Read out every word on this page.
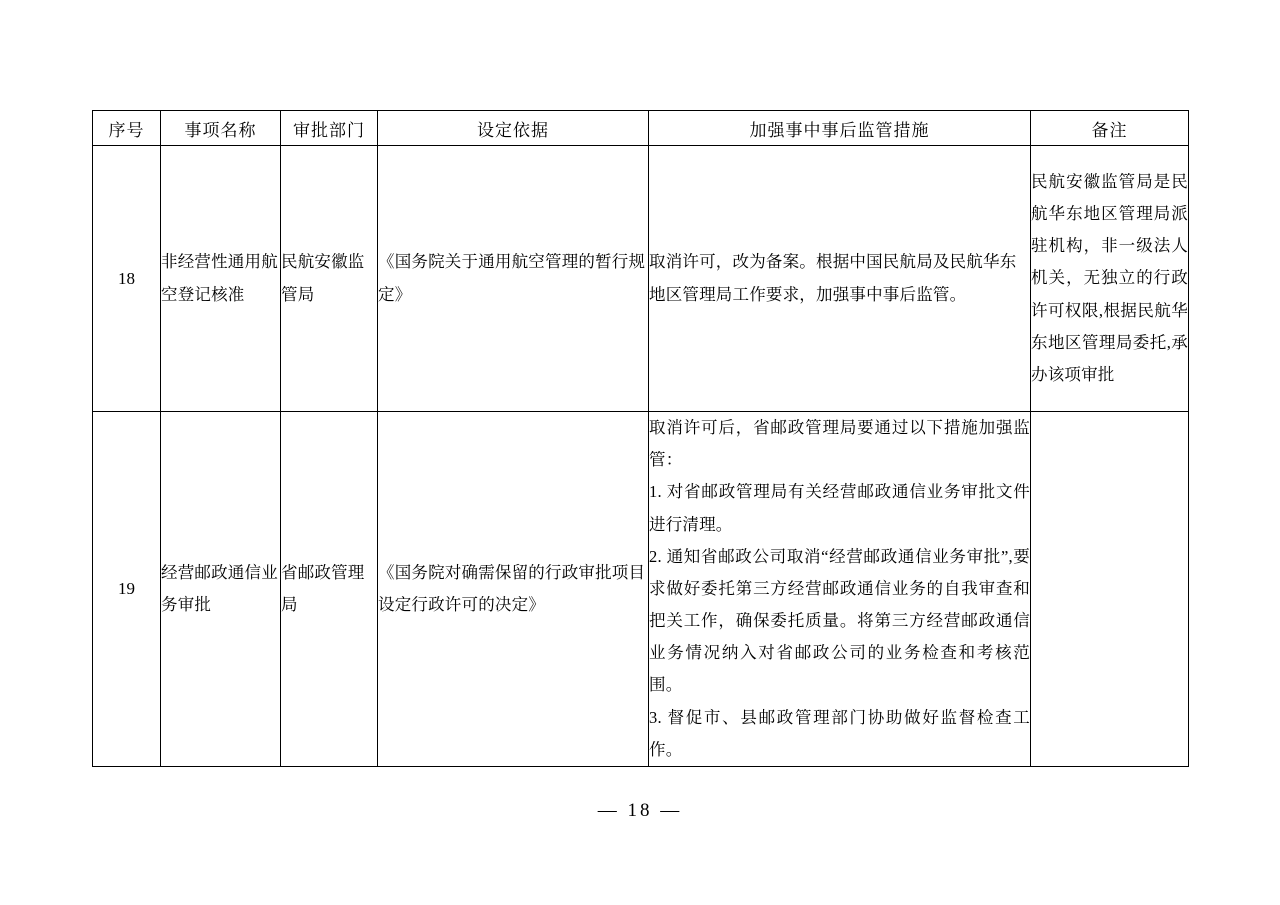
序号	事项名称	审批部门	设定依据	加强事中事后监管措施	备注
18	非经营性通用航空登记核准	民航安徽监管局	《国务院关于通用航空管理的暂行规定》	取消许可，改为备案。根据中国民航局及民航华东地区管理局工作要求，加强事中事后监管。	民航安徽监管局是民航华东地区管理局派驻机构，非一级法人机关，无独立的行政许可权限,根据民航华东地区管理局委托,承办该项审批
19	经营邮政通信业务审批	省邮政管理局	《国务院对确需保留的行政审批项目设定行政许可的决定》	取消许可后，省邮政管理局要通过以下措施加强监管：

1. 对省邮政管理局有关经营邮政通信业务审批文件进行清理。

2. 通知省邮政公司取消“经营邮政通信业务审批”,要求做好委托第三方经营邮政通信业务的自我审查和把关工作，确保委托质量。将第三方经营邮政通信业务情况纳入对省邮政公司的业务检查和考核范围。

3. 督促市、县邮政管理部门协助做好监督检查工作。	

— 18 —
